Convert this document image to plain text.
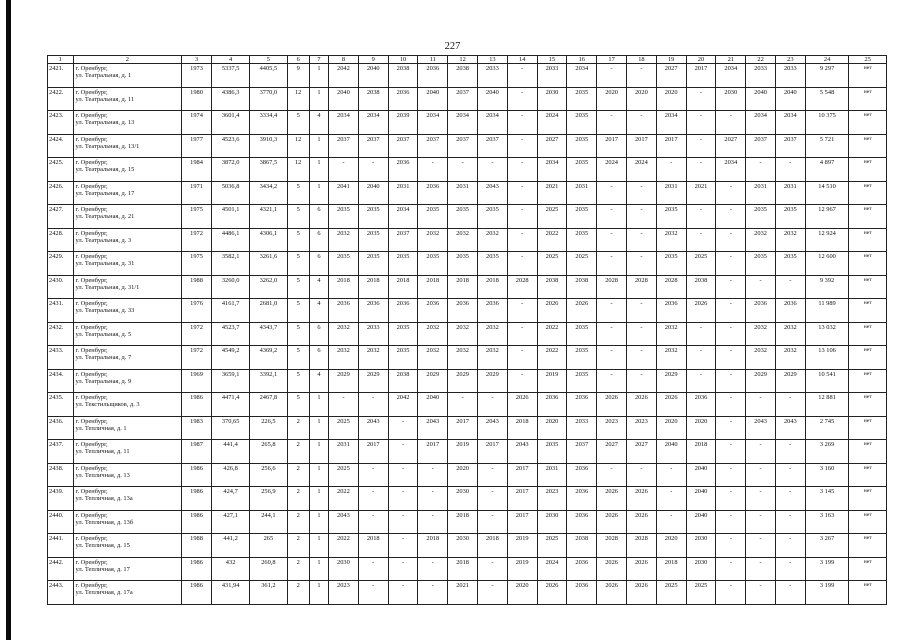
227
1	2	3	4	5	6	7	8	9	10	11	12	13	14	15	16	17	18	19	20	21	22	23	24	25
2421.	г. Оренбург,
ул. Театральная, д. 1	1973	5337,5	4405,5	9	1	2042	2040	2038	2036	2038	2033	-	2033	2034	-	-	2027	2017	2034	2033	2033	9 297	нет
2422.	г. Оренбург,
ул. Театральная, д. 11	1980	4386,3	3770,0	12	1	2040	2038	2036	2040	2037	2040	-	2030	2035	2020	2020	2020	-	2030	2040	2040	5 548	нет
2423.	г. Оренбург,
ул. Театральная, д. 13	1974	3601,4	3334,4	5	4	2034	2034	2039	2034	2034	2034	-	2024	2035	-	-	2034	-	-	2034	2034	10 375	нет
2424.	г. Оренбург,
ул. Театральная, д. 13/1	1977	4523,6	3910,3	12	1	2037	2037	2037	2037	2037	2037	-	2027	2035	2017	2017	2017	-	2027	2037	2037	5 721	нет
2425.	г. Оренбург,
ул. Театральная, д. 15	1984	3872,0	3867,5	12	1	-	-	2036	-	-	-	-	2034	2035	2024	2024	-	-	2034	-	-	4 897	нет
2426.	г. Оренбург,
ул. Театральная, д. 17	1971	5036,8	3434,2	5	1	2041	2040	2031	2036	2031	2043	-	2021	2031	-	-	2031	2021	-	2031	2031	14 510	нет
2427.	г. Оренбург,
ул. Театральная, д. 21	1975	4501,1	4321,1	5	6	2035	2035	2034	2035	2035	2035	-	2025	2035	-	-	2035	-	-	2035	2035	12 967	нет
2428.	г. Оренбург,
ул. Театральная, д. 3	1972	4486,1	4306,1	5	6	2032	2035	2037	2032	2032	2032	-	2022	2035	-	-	2032	-	-	2032	2032	12 924	нет
2429.	г. Оренбург,
ул. Театральная, д. 31	1975	3582,1	3261,6	5	6	2035	2035	2035	2035	2035	2035	-	2025	2025	-	-	2035	2025	-	2035	2035	12 600	нет
2430.	г. Оренбург,
ул. Театральная, д. 31/1	1988	3260,0	3262,0	5	4	2018	2018	2018	2018	2018	2018	2028	2038	2038	2028	2028	2028	2038	-	-	-	9 392	нет
2431.	г. Оренбург,
ул. Театральная, д. 33	1976	4161,7	2681,0	5	4	2036	2036	2036	2036	2036	2036	-	2026	2026	-	-	2036	2026	-	2036	2036	11 989	нет
2432.	г. Оренбург,
ул. Театральная, д. 5	1972	4523,7	4343,7	5	6	2032	2033	2035	2032	2032	2032	-	2022	2035	-	-	2032	-	-	2032	2032	13 032	нет
2433.	г. Оренбург,
ул. Театральная, д. 7	1972	4549,2	4369,2	5	6	2032	2032	2035	2032	2032	2032	-	2022	2035	-	-	2032	-	-	2032	2032	13 106	нет
2434.	г. Оренбург,
ул. Театральная, д. 9	1969	3659,1	3392,1	5	4	2029	2029	2038	2029	2029	2029	-	2019	2035	-	-	2029	-	-	2029	2029	10 541	нет
2435.	г. Оренбург,
ул. Текстильщиков, д. 3	1986	4471,4	2467,8	5	1	-	-	2042	2040	-	-	2026	2036	2036	2026	2026	2026	2036	-	-	-	12 881	нет
2436.	г. Оренбург,
ул. Тепличная, д. 1	1983	370,65	226,5	2	1	2025	2043	-	2043	2017	2043	2018	2020	2033	2023	2023	2020	2020	-	2043	2043	2 745	нет
2437.	г. Оренбург,
ул. Тепличная, д. 11	1987	441,4	265,8	2	1	2031	2017	-	2017	2019	2017	2043	2035	2037	2027	2027	2040	2018	-	-	-	3 269	нет
2438.	г. Оренбург,
ул. Тепличная, д. 13	1986	426,8	256,6	2	1	2025	-	-	-	2020	-	2017	2031	2036	-	-	-	2040	-	-	-	3 160	нет
2439.	г. Оренбург,
ул. Тепличная, д. 13а	1986	424,7	256,9	2	1	2022	-	-	-	2030	-	2017	2023	2036	2026	2026	-	2040	-	-	-	3 145	нет
2440.	г. Оренбург,
ул. Тепличная, д. 13б	1986	427,1	244,1	2	1	2043	-	-	-	2018	-	2017	2030	2036	2026	2026	-	2040	-	-	-	3 163	нет
2441.	г. Оренбург,
ул. Тепличная, д. 15	1988	441,2	265	2	1	2022	2018	-	2018	2030	2018	2019	2025	2038	2028	2028	2020	2030	-	-	-	3 267	нет
2442.	г. Оренбург,
ул. Тепличная, д. 17	1986	432	260,8	2	1	2030	-	-	-	2018	-	2019	2024	2036	2026	2026	2018	2030	-	-	-	3 199	нет
2443.	г. Оренбург,
ул. Тепличная, д. 17а	1986	431,94	361,2	2	1	2023	-	-	-	2021	-	2020	2026	2036	2026	2026	2025	2025	-	-	-	3 199	нет
